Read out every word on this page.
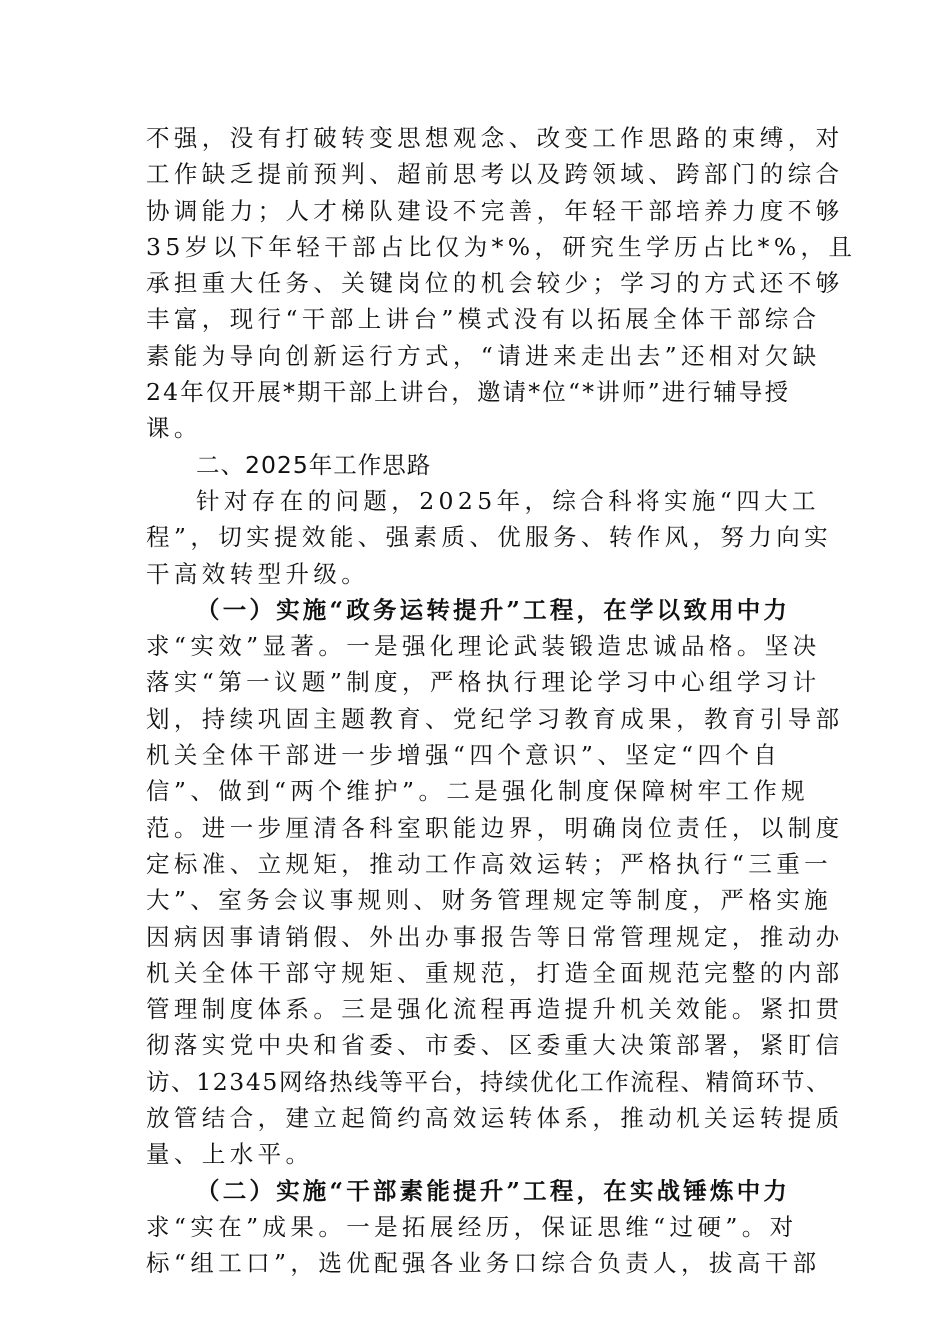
不强，没有打破转变思想观念、改变工作思路的束缚，对
工作缺乏提前预判、超前思考以及跨领域、跨部门的综合
协调能力；人才梯队建设不完善，年轻干部培养力度不够
35岁以下年轻干部占比仅为*%，研究生学历占比*%，且
承担重大任务、关键岗位的机会较少；学习的方式还不够
丰富，现行“干部上讲台”模式没有以拓展全体干部综合
素能为导向创新运行方式，“请进来走出去”还相对欠缺
24年仅开展*期干部上讲台，邀请*位“*讲师”进行辅导授
课。
二、2025年工作思路
针对存在的问题，2025年，综合科将实施“四大工
程”，切实提效能、强素质、优服务、转作风，努力向实
干高效转型升级。
（一）实施“政务运转提升”工程，在学以致用中力
求“实效”显著。一是强化理论武装锻造忠诚品格。坚决
落实“第一议题”制度，严格执行理论学习中心组学习计
划，持续巩固主题教育、党纪学习教育成果，教育引导部
机关全体干部进一步增强“四个意识”、坚定“四个自
信”、做到“两个维护”。二是强化制度保障树牢工作规
范。进一步厘清各科室职能边界，明确岗位责任，以制度
定标准、立规矩，推动工作高效运转；严格执行“三重一
大”、室务会议事规则、财务管理规定等制度，严格实施
因病因事请销假、外出办事报告等日常管理规定，推动办
机关全体干部守规矩、重规范，打造全面规范完整的内部
管理制度体系。三是强化流程再造提升机关效能。紧扣贯
彻落实党中央和省委、市委、区委重大决策部署，紧盯信
访、12345网络热线等平台，持续优化工作流程、精简环节、
放管结合，建立起简约高效运转体系，推动机关运转提质
量、上水平。
（二）实施“干部素能提升”工程，在实战锤炼中力
求“实在”成果。一是拓展经历，保证思维“过硬”。对
标“组工口”，选优配强各业务口综合负责人，拔高干部
